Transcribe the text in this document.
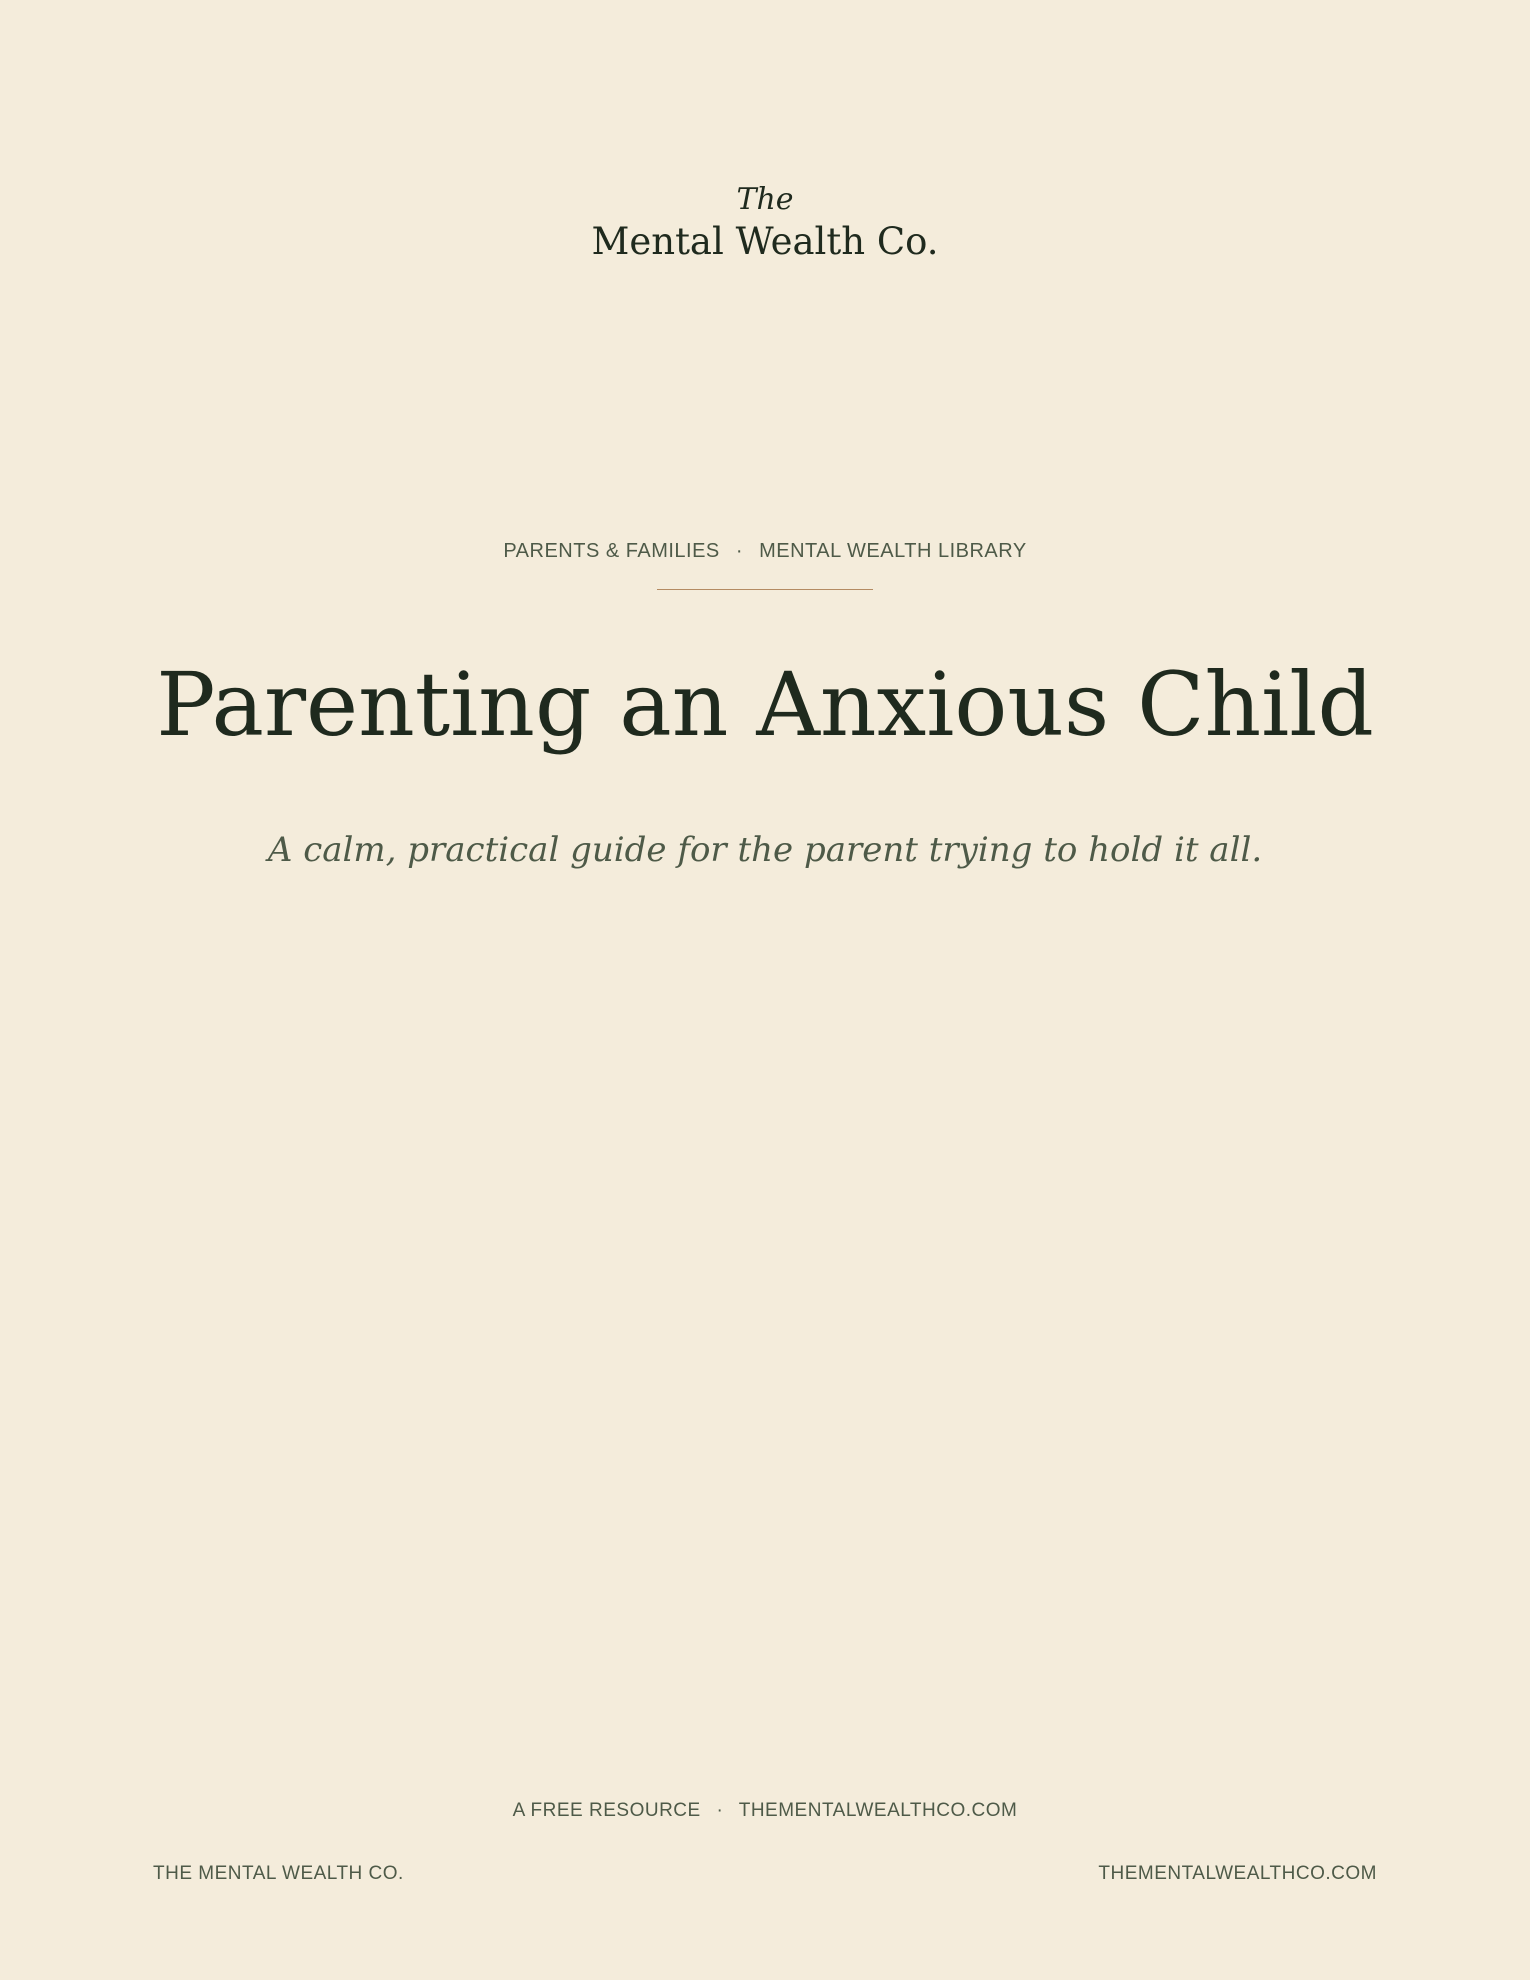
The
Mental Wealth Co.
PARENTS & FAMILIES · MENTAL WEALTH LIBRARY
Parenting an Anxious Child
A calm, practical guide for the parent trying to hold it all.
A FREE RESOURCE · THEMENTALWEALTHCO.COM
THE MENTAL WEALTH CO.	THEMENTALWEALTHCO.COM
